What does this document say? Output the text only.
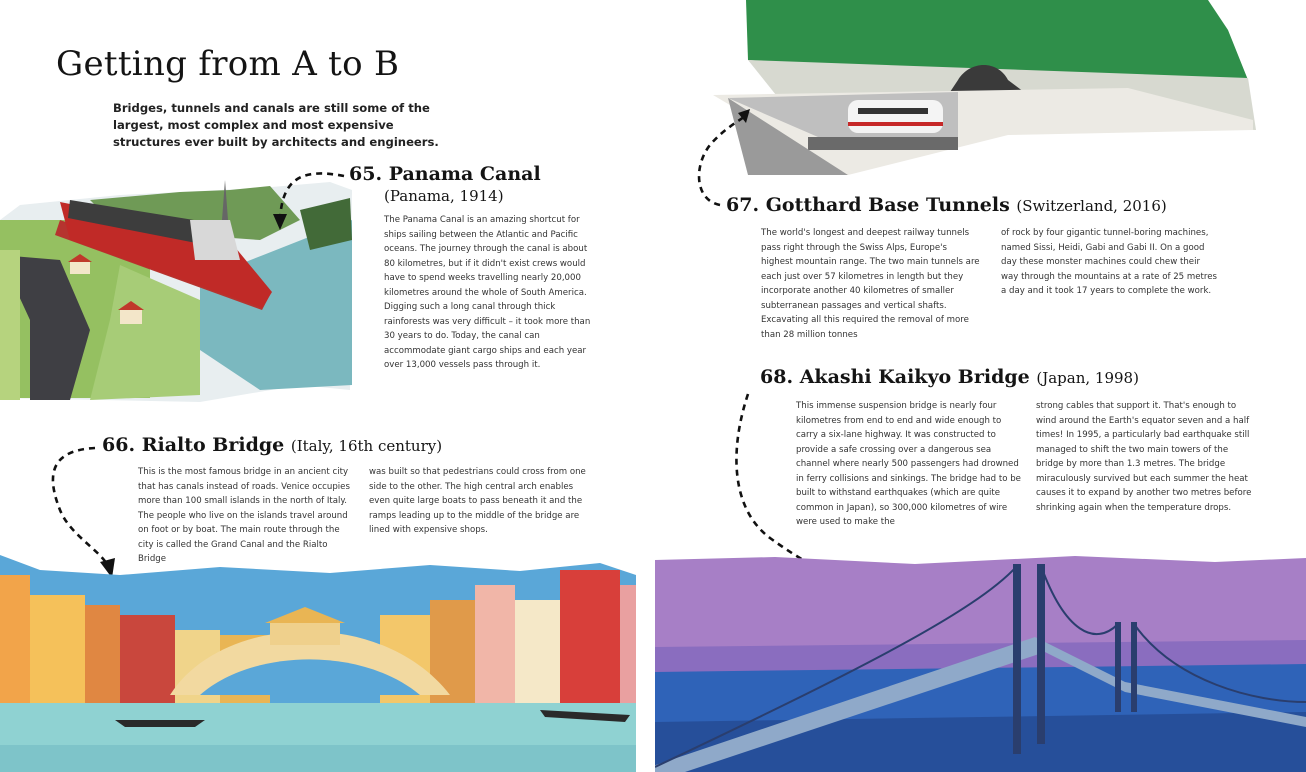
Getting from A to B
Bridges, tunnels and canals are still some of the largest, most complex and most expensive structures ever built by architects and engineers.
65. Panama Canal
(Panama, 1914)
The Panama Canal is an amazing shortcut for ships sailing between the Atlantic and Pacific oceans. The journey through the canal is about 80 kilometres, but if it didn't exist crews would have to spend weeks travelling nearly 20,000 kilometres around the whole of South America. Digging such a long canal through thick rainforests was very difficult – it took more than 30 years to do. Today, the canal can accommodate giant cargo ships and each year over 13,000 vessels pass through it.
66. Rialto Bridge (Italy, 16th century)
This is the most famous bridge in an ancient city that has canals instead of roads. Venice occupies more than 100 small islands in the north of Italy. The people who live on the islands travel around on foot or by boat. The main route through the city is called the Grand Canal and the Rialto Bridge
was built so that pedestrians could cross from one side to the other. The high central arch enables even quite large boats to pass beneath it and the ramps leading up to the middle of the bridge are lined with expensive shops.
67. Gotthard Base Tunnels (Switzerland, 2016)
The world's longest and deepest railway tunnels pass right through the Swiss Alps, Europe's highest mountain range. The two main tunnels are each just over 57 kilometres in length but they incorporate another 40 kilometres of smaller subterranean passages and vertical shafts. Excavating all this required the removal of more than 28 million tonnes
of rock by four gigantic tunnel-boring machines, named Sissi, Heidi, Gabi and Gabi II. On a good day these monster machines could chew their way through the mountains at a rate of 25 metres a day and it took 17 years to complete the work.
68. Akashi Kaikyo Bridge (Japan, 1998)
This immense suspension bridge is nearly four kilometres from end to end and wide enough to carry a six-lane highway. It was constructed to provide a safe crossing over a dangerous sea channel where nearly 500 passengers had drowned in ferry collisions and sinkings. The bridge had to be built to withstand earthquakes (which are quite common in Japan), so 300,000 kilometres of wire were used to make the
strong cables that support it. That's enough to wind around the Earth's equator seven and a half times! In 1995, a particularly bad earthquake still managed to shift the two main towers of the bridge by more than 1.3 metres. The bridge miraculously survived but each summer the heat causes it to expand by another two metres before shrinking again when the temperature drops.
